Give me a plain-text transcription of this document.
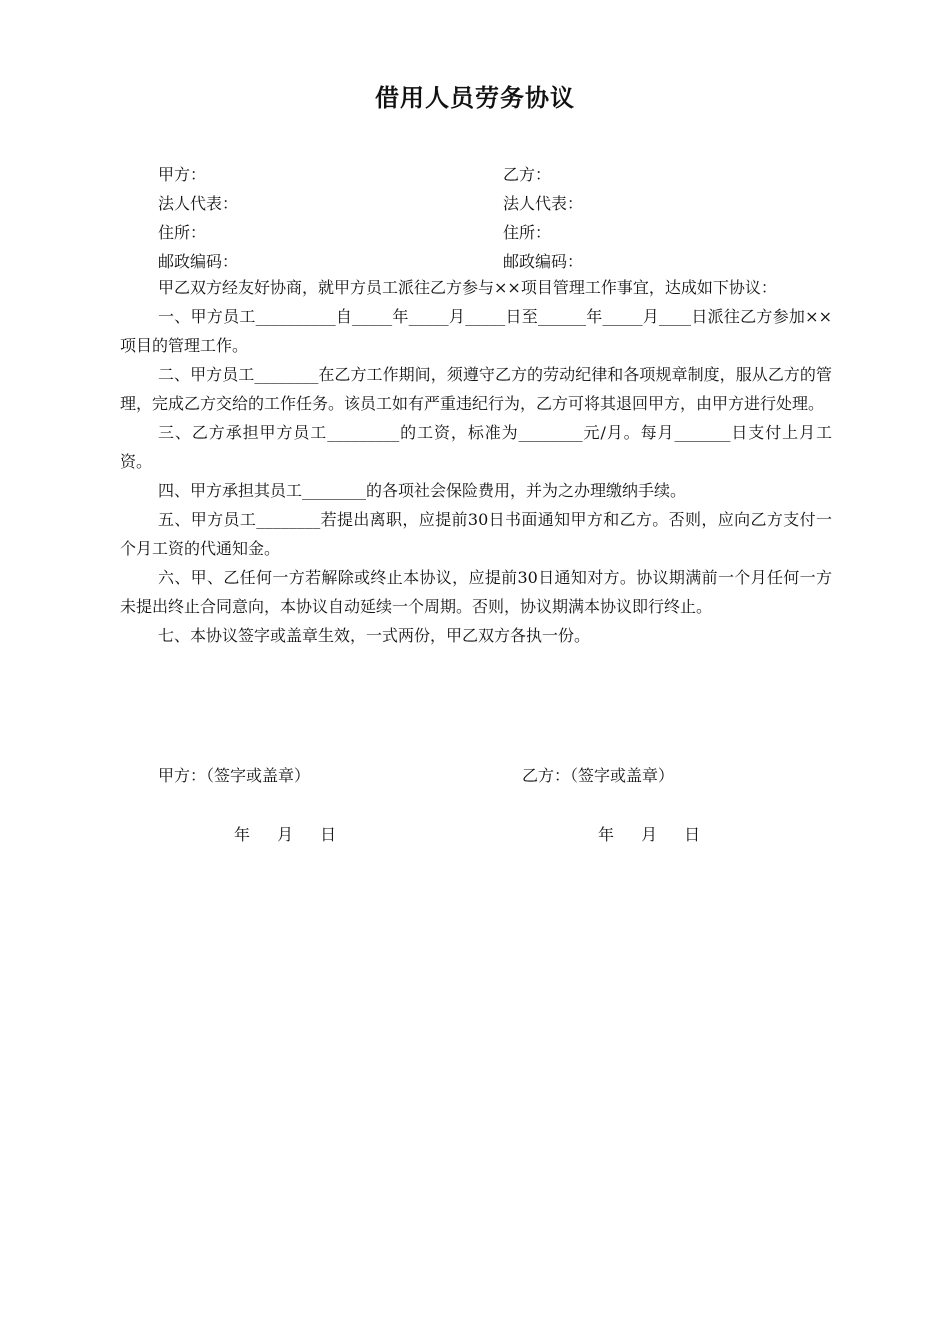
借用人员劳务协议
甲方：	乙方：
法人代表：	法人代表：
住所：	住所：
邮政编码：	邮政编码：

甲乙双方经友好协商，就甲方员工派往乙方参与××项目管理工作事宜，达成如下协议：

一、甲方员工__________自_____年_____月_____日至______年_____月____日派往乙方参加××项目的管理工作。

二、甲方员工________在乙方工作期间，须遵守乙方的劳动纪律和各项规章制度，服从乙方的管理，完成乙方交给的工作任务。该员工如有严重违纪行为，乙方可将其退回甲方，由甲方进行处理。

三、乙方承担甲方员工_________的工资，标准为________元/月。每月_______日支付上月工资。

四、甲方承担其员工________的各项社会保险费用，并为之办理缴纳手续。

五、甲方员工________若提出离职，应提前30日书面通知甲方和乙方。否则，应向乙方支付一个月工资的代通知金。

六、甲、乙任何一方若解除或终止本协议，应提前30日通知对方。协议期满前一个月任何一方未提出终止合同意向，本协议自动延续一个周期。否则，协议期满本协议即行终止。

七、本协议签字或盖章生效，一式两份，甲乙双方各执一份。

甲方：（签字或盖章）	乙方：（签字或盖章）
年 月 日	年 月 日
